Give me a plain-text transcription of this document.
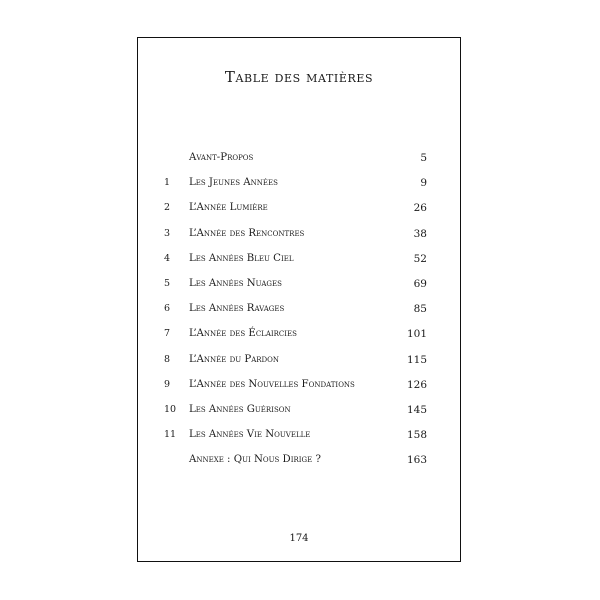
Table des matières
Avant-Propos	5
1	Les Jeunes Années	9
2	L’Année Lumière	26
3	L’Année des Rencontres	38
4	Les Années Bleu Ciel	52
5	Les Années Nuages	69
6	Les Années Ravages	85
7	L’Année des Éclaircies	101
8	L’Année du Pardon	115
9	L’Année des Nouvelles Fondations	126
10 Les Années Guérison	145
11 Les Années Vie Nouvelle	158
Annexe : Qui Nous Dirige ?	163
174
